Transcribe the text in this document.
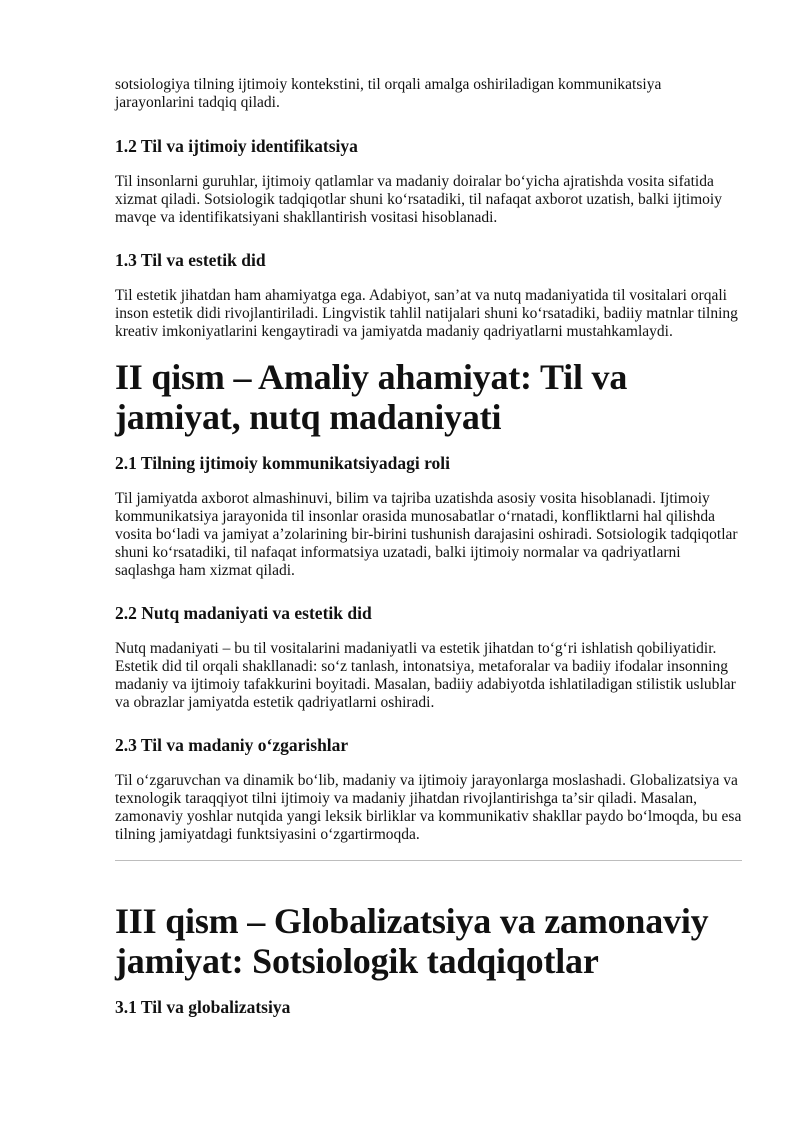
sotsiologiya tilning ijtimoiy kontekstini, til orqali amalga oshiriladigan kommunikatsiya jarayonlarini tadqiq qiladi.

1.2 Til va ijtimoiy identifikatsiya

Til insonlarni guruhlar, ijtimoiy qatlamlar va madaniy doiralar boʻyicha ajratishda vosita sifatida xizmat qiladi. Sotsiologik tadqiqotlar shuni koʻrsatadiki, til nafaqat axborot uzatish, balki ijtimoiy mavqe va identifikatsiyani shakllantirish vositasi hisoblanadi.

1.3 Til va estetik did

Til estetik jihatdan ham ahamiyatga ega. Adabiyot, sanʼat va nutq madaniyatida til vositalari orqali inson estetik didi rivojlantiriladi. Lingvistik tahlil natijalari shuni koʻrsatadiki, badiiy matnlar tilning kreativ imkoniyatlarini kengaytiradi va jamiyatda madaniy qadriyatlarni mustahkamlaydi.

II qism – Amaliy ahamiyat: Til va jamiyat, nutq madaniyati
2.1 Tilning ijtimoiy kommunikatsiyadagi roli

Til jamiyatda axborot almashinuvi, bilim va tajriba uzatishda asosiy vosita hisoblanadi. Ijtimoiy kommunikatsiya jarayonida til insonlar orasida munosabatlar oʻrnatadi, konfliktlarni hal qilishda vosita boʻladi va jamiyat aʼzolarining bir-birini tushunish darajasini oshiradi. Sotsiologik tadqiqotlar shuni koʻrsatadiki, til nafaqat informatsiya uzatadi, balki ijtimoiy normalar va qadriyatlarni saqlashga ham xizmat qiladi.

2.2 Nutq madaniyati va estetik did

Nutq madaniyati – bu til vositalarini madaniyatli va estetik jihatdan toʻgʻri ishlatish qobiliyatidir. Estetik did til orqali shakllanadi: soʻz tanlash, intonatsiya, metaforalar va badiiy ifodalar insonning madaniy va ijtimoiy tafakkurini boyitadi. Masalan, badiiy adabiyotda ishlatiladigan stilistik uslublar va obrazlar jamiyatda estetik qadriyatlarni oshiradi.

2.3 Til va madaniy oʻzgarishlar

Til oʻzgaruvchan va dinamik boʻlib, madaniy va ijtimoiy jarayonlarga moslashadi. Globalizatsiya va texnologik taraqqiyot tilni ijtimoiy va madaniy jihatdan rivojlantirishga taʼsir qiladi. Masalan, zamonaviy yoshlar nutqida yangi leksik birliklar va kommunikativ shakllar paydo boʻlmoqda, bu esa tilning jamiyatdagi funktsiyasini oʻzgartirmoqda.

III qism – Globalizatsiya va zamonaviy jamiyat: Sotsiologik tadqiqotlar
3.1 Til va globalizatsiya
